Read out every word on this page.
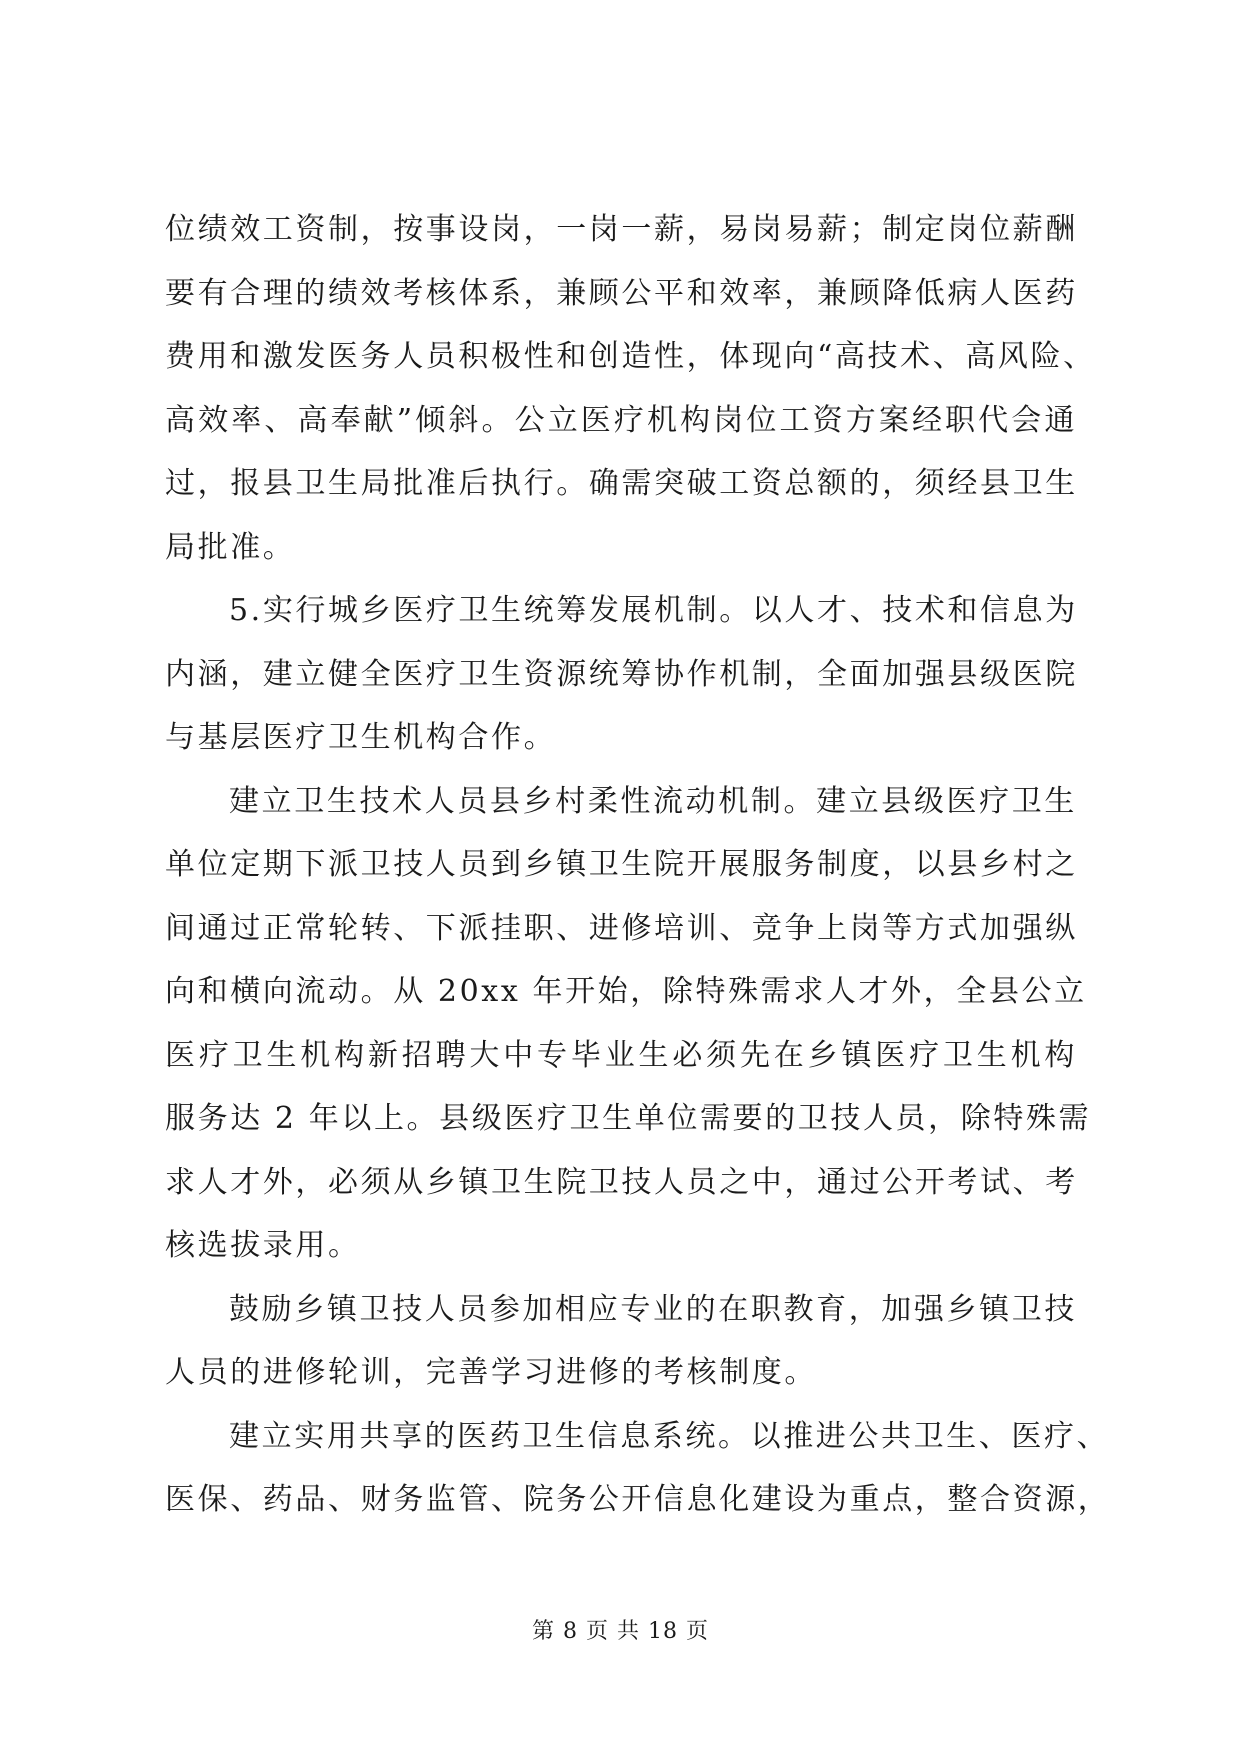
位绩效工资制，按事设岗，一岗一薪，易岗易薪；制定岗位薪酬
要有合理的绩效考核体系，兼顾公平和效率，兼顾降低病人医药
费用和激发医务人员积极性和创造性，体现向“高技术、高风险、
高效率、高奉献”倾斜。公立医疗机构岗位工资方案经职代会通
过，报县卫生局批准后执行。确需突破工资总额的，须经县卫生
局批准。

5.实行城乡医疗卫生统筹发展机制。以人才、技术和信息为
内涵，建立健全医疗卫生资源统筹协作机制，全面加强县级医院
与基层医疗卫生机构合作。

建立卫生技术人员县乡村柔性流动机制。建立县级医疗卫生
单位定期下派卫技人员到乡镇卫生院开展服务制度，以县乡村之
间通过正常轮转、下派挂职、进修培训、竞争上岗等方式加强纵
向和横向流动。从 20xx 年开始，除特殊需求人才外，全县公立
医疗卫生机构新招聘大中专毕业生必须先在乡镇医疗卫生机构
服务达 2 年以上。县级医疗卫生单位需要的卫技人员，除特殊需
求人才外，必须从乡镇卫生院卫技人员之中，通过公开考试、考
核选拔录用。

鼓励乡镇卫技人员参加相应专业的在职教育，加强乡镇卫技
人员的进修轮训，完善学习进修的考核制度。

建立实用共享的医药卫生信息系统。以推进公共卫生、医疗、
医保、药品、财务监管、院务公开信息化建设为重点，整合资源，

第 8 页 共 18 页
